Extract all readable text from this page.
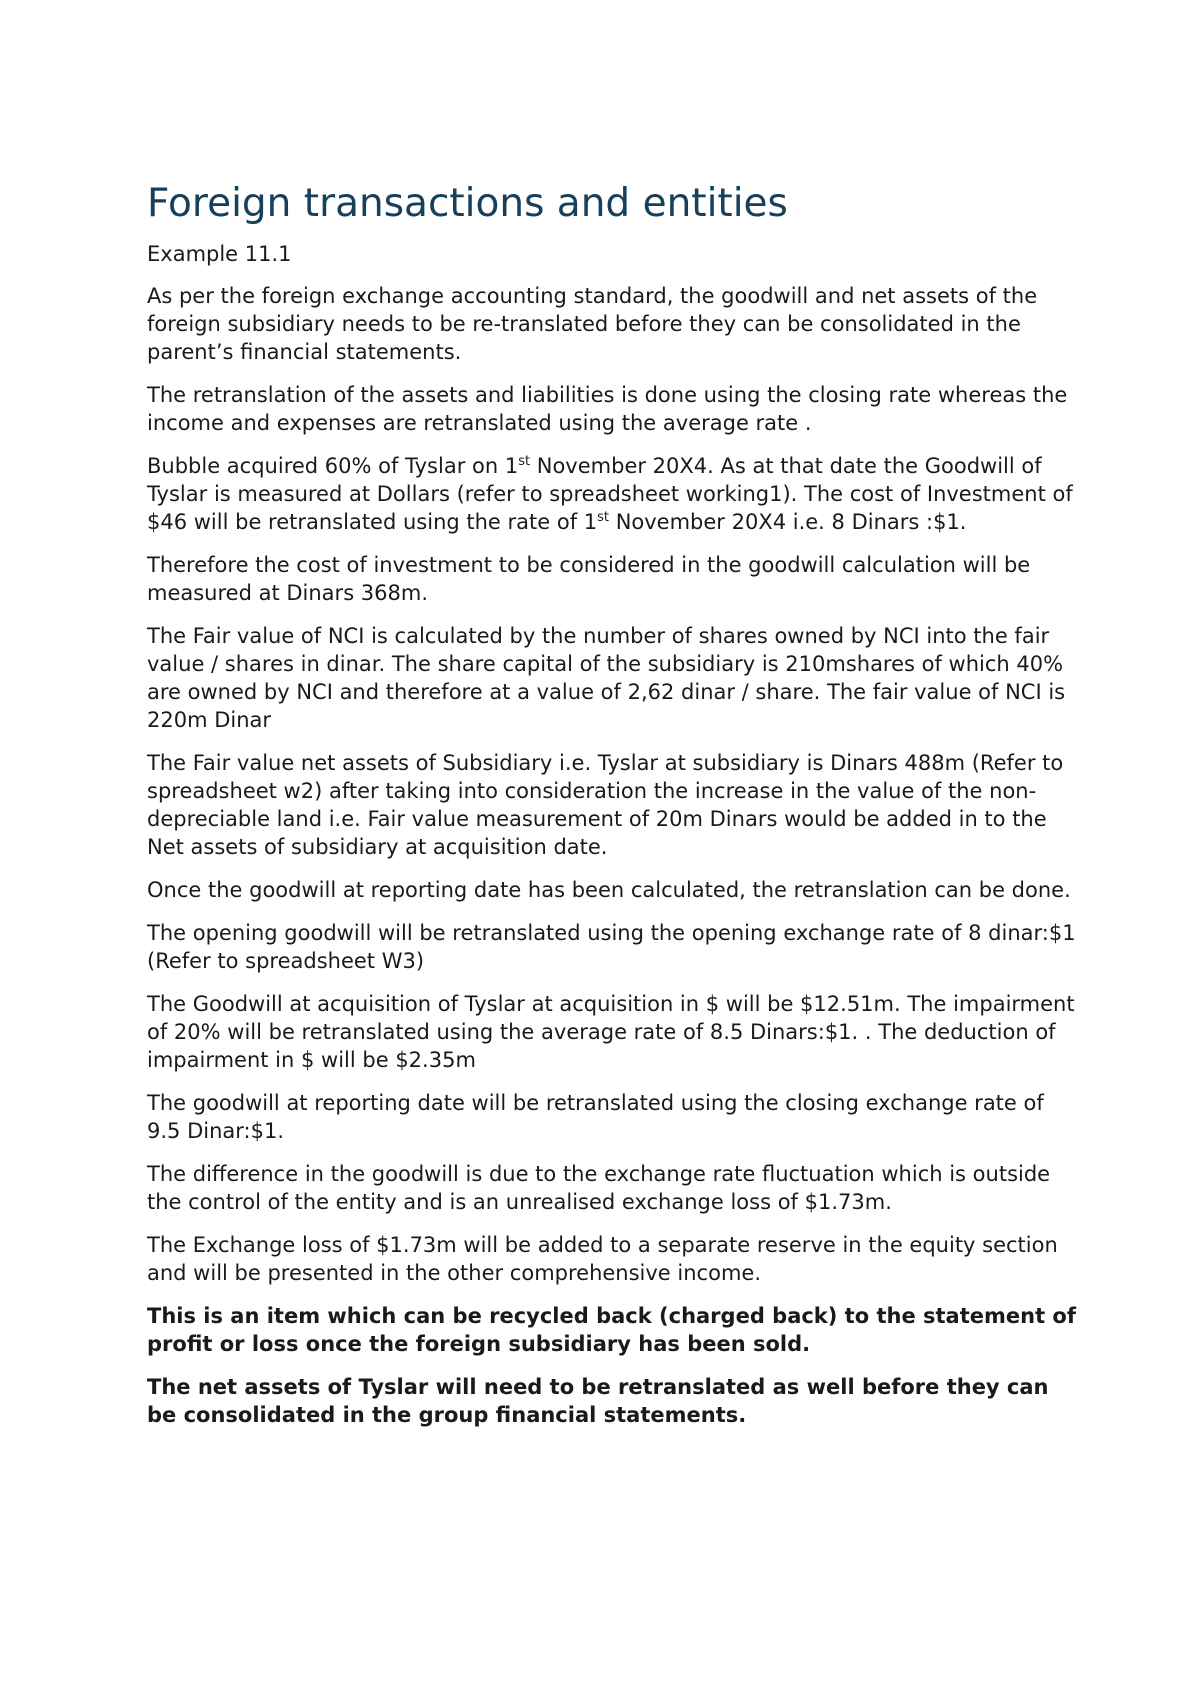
Foreign transactions and entities
Example 11.1

As per the foreign exchange accounting standard, the goodwill and net assets of the foreign subsidiary needs to be re-translated before they can be consolidated in the parent’s financial statements.

The retranslation of the assets and liabilities is done using the closing rate whereas the income and expenses are retranslated using the average rate .

Bubble acquired 60% of Tyslar on 1st November 20X4. As at that date the Goodwill of Tyslar is measured at Dollars (refer to spreadsheet working1). The cost of Investment of $46 will be retranslated using the rate of 1st November 20X4 i.e. 8 Dinars :$1.

Therefore the cost of investment to be considered in the goodwill calculation will be measured at Dinars 368m.

The Fair value of NCI is calculated by the number of shares owned by NCI into the fair value / shares in dinar. The share capital of the subsidiary is 210mshares of which 40% are owned by NCI and therefore at a value of 2,62 dinar / share. The fair value of NCI is 220m Dinar

The Fair value net assets of Subsidiary i.e. Tyslar at subsidiary is Dinars 488m (Refer to spreadsheet w2) after taking into consideration the increase in the value of the non-depreciable land i.e. Fair value measurement of 20m Dinars would be added in to the Net assets of subsidiary at acquisition date.

Once the goodwill at reporting date has been calculated, the retranslation can be done.

The opening goodwill will be retranslated using the opening exchange rate of 8 dinar:$1 (Refer to spreadsheet W3)

The Goodwill at acquisition of Tyslar at acquisition in $ will be $12.51m. The impairment of 20% will be retranslated using the average rate of 8.5 Dinars:$1. . The deduction of impairment in $ will be $2.35m

The goodwill at reporting date will be retranslated using the closing exchange rate of 9.5 Dinar:$1.

The difference in the goodwill is due to the exchange rate fluctuation which is outside the control of the entity and is an unrealised exchange loss of $1.73m.

The Exchange loss of $1.73m will be added to a separate reserve in the equity section and will be presented in the other comprehensive income.

This is an item which can be recycled back (charged back) to the statement of profit or loss once the foreign subsidiary has been sold.

The net assets of Tyslar will need to be retranslated as well before they can be consolidated in the group financial statements.
